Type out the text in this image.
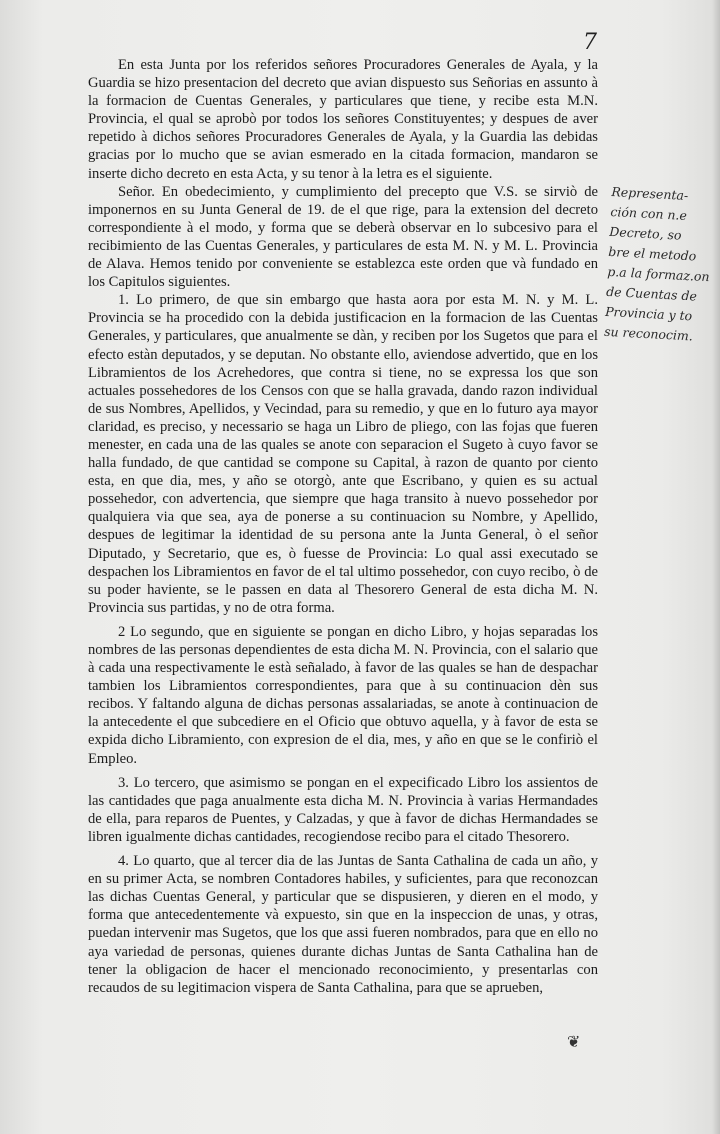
7

En esta Junta por los referidos señores Procuradores Generales de Ayala, y la Guardia se hizo presentacion del decreto que avian dispuesto sus Señorias en assunto à la formacion de Cuentas Generales, y particulares que tiene, y recibe esta M.N. Provincia, el qual se aprobò por todos los señores Constituyentes; y despues de aver repetido à dichos señores Procuradores Generales de Ayala, y la Guardia las debidas gracias por lo mucho que se avian esmerado en la citada formacion, mandaron se inserte dicho decreto en esta Acta, y su tenor à la letra es el siguiente.

Señor. En obedecimiento, y cumplimiento del precepto que V.S. se sirviò de imponernos en su Junta General de 19. de el que rige, para la extension del decreto correspondiente à el modo, y forma que se deberà observar en lo subcesivo para el recibimiento de las Cuentas Generales, y particulares de esta M. N. y M. L. Provincia de Alava. Hemos tenido por conveniente se establezca este orden que và fundado en los Capitulos siguientes.

1. Lo primero, de que sin embargo que hasta aora por esta M. N. y M. L. Provincia se ha procedido con la debida justificacion en la formacion de las Cuentas Generales, y particulares, que anualmente se dàn, y reciben por los Sugetos que para el efecto estàn deputados, y se deputan. No obstante ello, aviendose advertido, que en los Libramientos de los Acrehedores, que contra si tiene, no se expressa los que son actuales possehedores de los Censos con que se halla gravada, dando razon individual de sus Nombres, Apellidos, y Vecindad, para su remedio, y que en lo futuro aya mayor claridad, es preciso, y necessario se haga un Libro de pliego, con las fojas que fueren menester, en cada una de las quales se anote con separacion el Sugeto à cuyo favor se halla fundado, de que cantidad se compone su Capital, à razon de quanto por ciento esta, en que dia, mes, y año se otorgò, ante que Escribano, y quien es su actual possehedor, con advertencia, que siempre que haga transito à nuevo possehedor por qualquiera via que sea, aya de ponerse a su continuacion su Nombre, y Apellido, despues de legitimar la identidad de su persona ante la Junta General, ò el señor Diputado, y Secretario, que es, ò fuesse de Provincia: Lo qual assi executado se despachen los Libramientos en favor de el tal ultimo possehedor, con cuyo recibo, ò de su poder haviente, se le passen en data al Thesorero General de esta dicha M. N. Provincia sus partidas, y no de otra forma.

2 Lo segundo, que en siguiente se pongan en dicho Libro, y hojas separadas los nombres de las personas dependientes de esta dicha M. N. Provincia, con el salario que à cada una respectivamente le està señalado, à favor de las quales se han de despachar tambien los Libramientos correspondientes, para que à su continuacion dèn sus recibos. Y faltando alguna de dichas personas assalariadas, se anote à continuacion de la antecedente el que subcediere en el Oficio que obtuvo aquella, y à favor de esta se expida dicho Libramiento, con expresion de el dia, mes, y año en que se le confiriò el Empleo.

3. Lo tercero, que asimismo se pongan en el expecificado Libro los assientos de las cantidades que paga anualmente esta dicha M. N. Provincia à varias Hermandades de ella, para reparos de Puentes, y Calzadas, y que à favor de dichas Hermandades se libren igualmente dichas cantidades, recogiendose recibo para el citado Thesorero.

4. Lo quarto, que al tercer dia de las Juntas de Santa Cathalina de cada un año, y en su primer Acta, se nombren Contadores habiles, y suficientes, para que reconozcan las dichas Cuentas General, y particular que se dispusieren, y dieren en el modo, y forma que antecedentemente và expuesto, sin que en la inspeccion de unas, y otras, puedan intervenir mas Sugetos, que los que assi fueren nombrados, para que en ello no aya variedad de personas, quienes durante dichas Juntas de Santa Cathalina han de tener la obligacion de hacer el mencionado reconocimiento, y presentarlas con recaudos de su legitimacion vispera de Santa Cathalina, para que se aprueben,

Representa-
ción con n.e
Decreto, so
bre el metodo
p.a la formaz.on
de Cuentas de
Provincia y to
su reconocim.
❦
